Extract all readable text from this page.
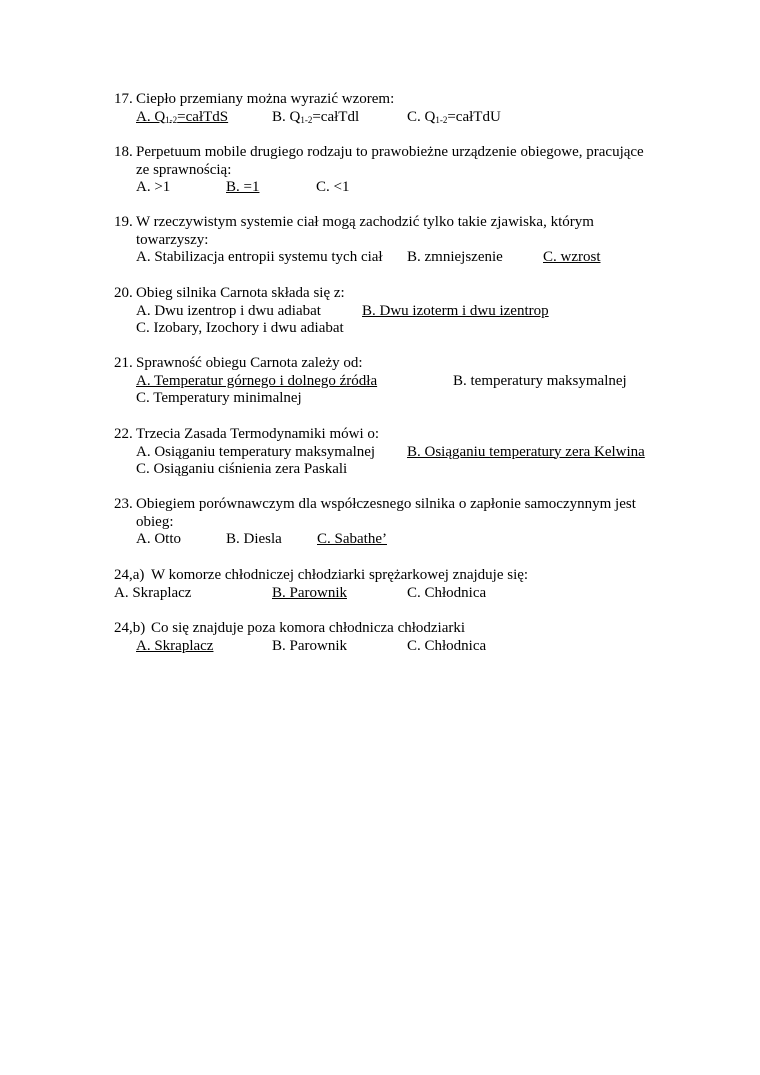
17. Ciepło przemiany można wyrazić wzorem:
A. $Q_{1-2}=całTdS$	B. $Q_{1-2}=całTdl$	C. $Q_{1-2}=całTdU$
18. Perpetuum mobile drugiego rodzaju to prawobieżne urządzenie obiegowe, pracujące
ze sprawnością:
A. >1	B. =1	C. <1
19. W rzeczywistym systemie ciał mogą zachodzić tylko takie zjawiska, którym
towarzyszy:
A. Stabilizacja entropii systemu tych ciał B. zmniejszenie	C. wzrost
20. Obieg silnika Carnota składa się z:
A. Dwu izentrop i dwu adiabat	B. Dwu izoterm i dwu izentrop
C. Izobary, Izochory i dwu adiabat
21. Sprawność obiegu Carnota zależy od:
A. Temperatur górnego i dolnego źródła	B. temperatury maksymalnej
C. Temperatury minimalnej
22. Trzecia Zasada Termodynamiki mówi o:
A. Osiąganiu temperatury maksymalnej B. Osiąganiu temperatury zera Kelwina
C. Osiąganiu ciśnienia zera Paskali
23. Obiegiem porównawczym dla współczesnego silnika o zapłonie samoczynnym jest
obieg:
A. Otto	B. Diesla C. Sabathe’
24,a) W komorze chłodniczej chłodziarki sprężarkowej znajduje się:
A. Skraplacz	B. Parownik	C. Chłodnica
24,b) Co się znajduje poza komora chłodnicza chłodziarki
A. Skraplacz	B. Parownik	C. Chłodnica
